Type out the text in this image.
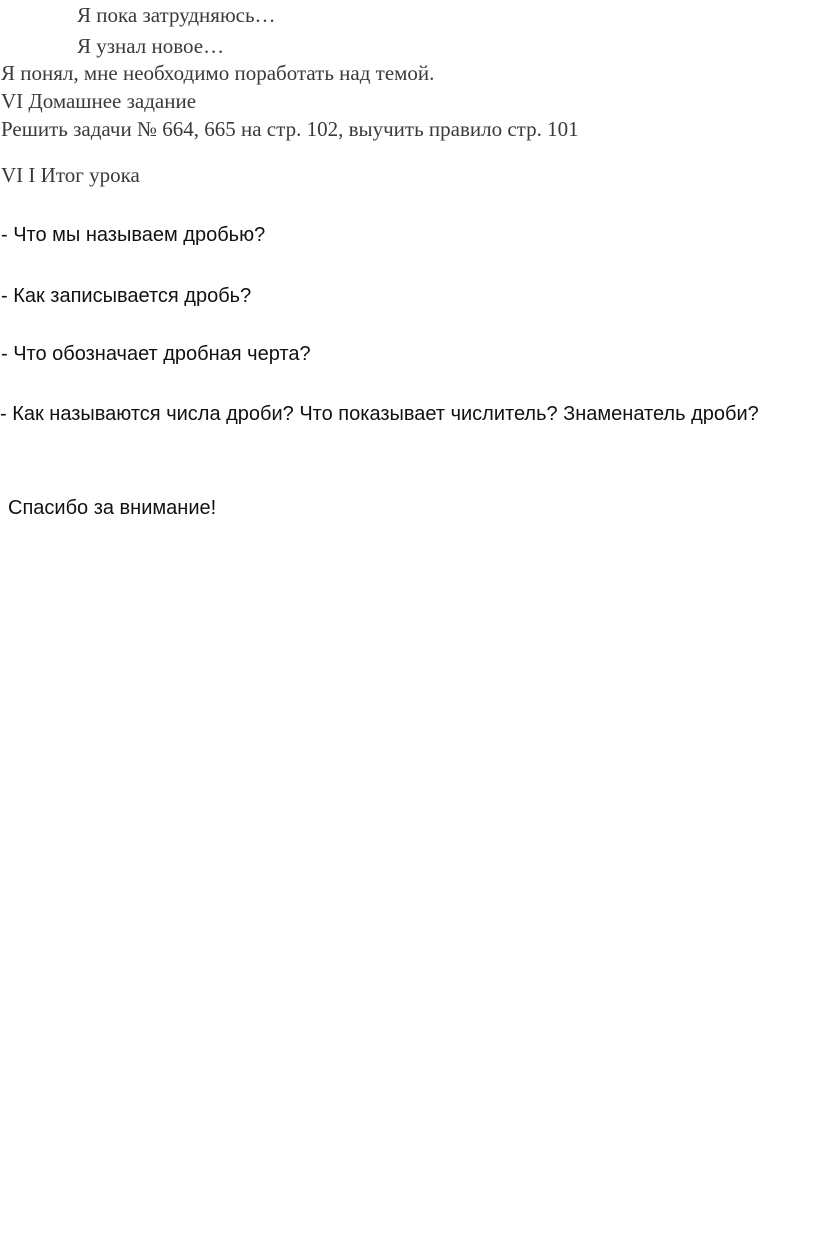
Я пока затрудняюсь…

Я узнал новое…

Я понял, мне необходимо поработать над темой.

VI Домашнее задание

Решить задачи № 664, 665 на стр. 102, выучить правило стр. 101

VI I Итог урока

- Что мы называем дробью?

- Как записывается дробь?

- Что обозначает дробная черта?

- Как называются числа дроби? Что показывает числитель? Знаменатель дроби?

Спасибо за внимание!
